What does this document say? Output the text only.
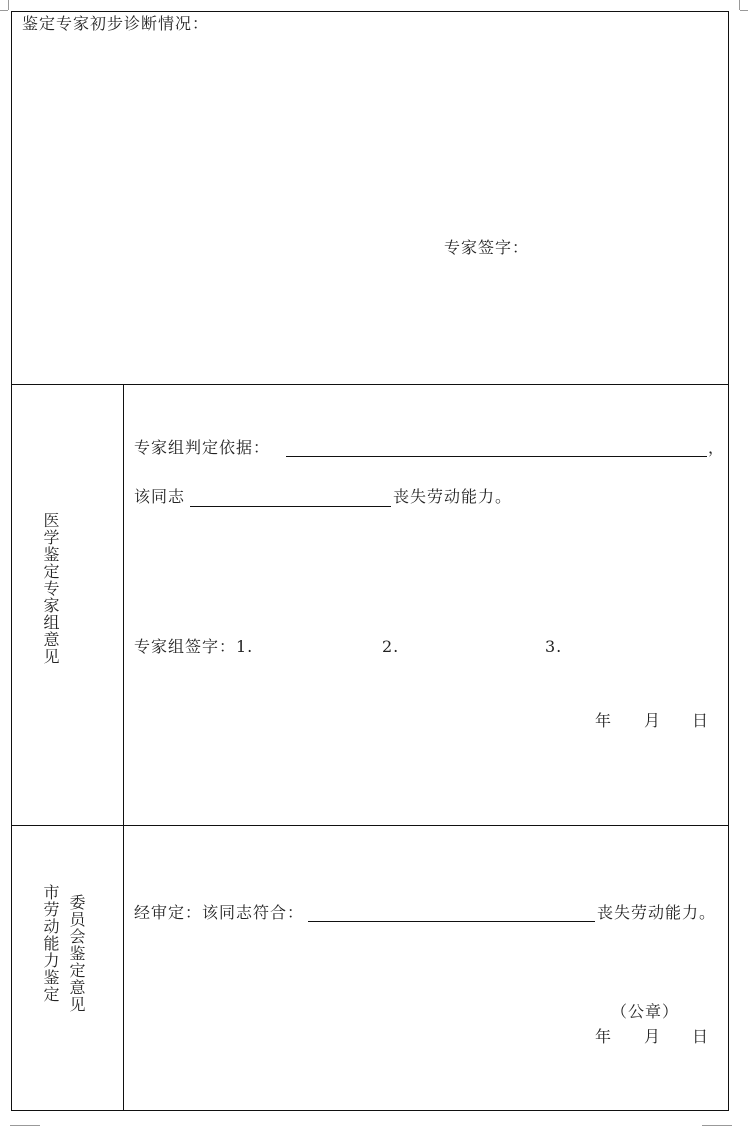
鉴定专家初步诊断情况：
专家签字：
医学鉴定专家组意见
专家组判定依据：	，
该同志	丧失劳动能力。
专家组签字：1.	2.	3.
年 月 日
市劳动能力鉴定 委员会鉴定意见	经审定：该同志符合：	丧失劳动能力。
（公章）
年 月 日
